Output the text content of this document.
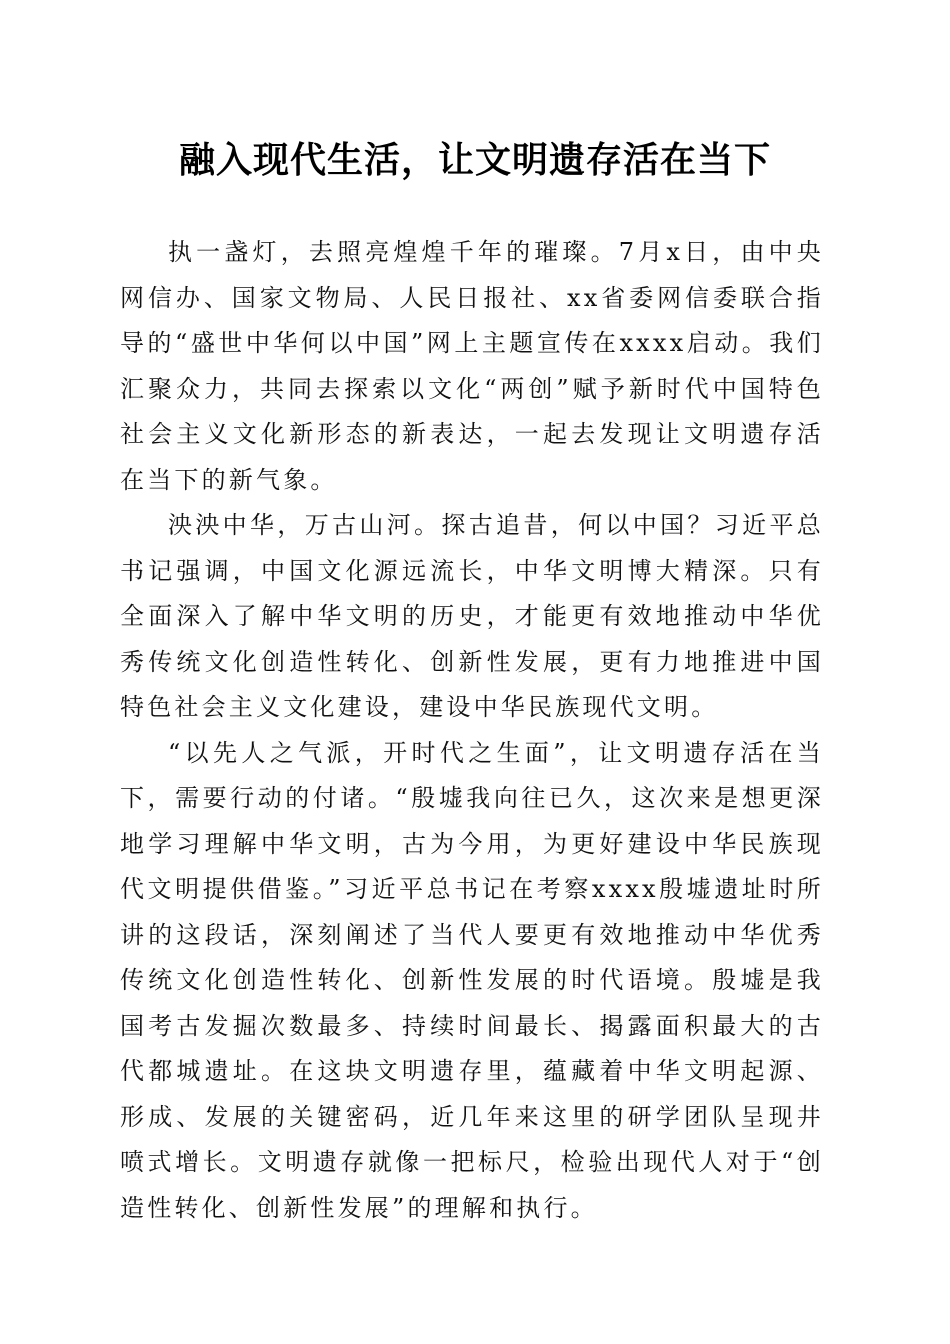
融入现代生活，让文明遗存活在当下

执一盏灯，去照亮煌煌千年的璀璨。7月x日，由中央网信办、国家文物局、人民日报社、xx省委网信委联合指导的“盛世中华何以中国”网上主题宣传在xxxx启动。我们汇聚众力，共同去探索以文化“两创”赋予新时代中国特色社会主义文化新形态的新表达，一起去发现让文明遗存活在当下的新气象。

泱泱中华，万古山河。探古追昔，何以中国？习近平总书记强调，中国文化源远流长，中华文明博大精深。只有全面深入了解中华文明的历史，才能更有效地推动中华优秀传统文化创造性转化、创新性发展，更有力地推进中国特色社会主义文化建设，建设中华民族现代文明。

“以先人之气派，开时代之生面”，让文明遗存活在当下，需要行动的付诸。“殷墟我向往已久，这次来是想更深地学习理解中华文明，古为今用，为更好建设中华民族现代文明提供借鉴。”习近平总书记在考察xxxx殷墟遗址时所讲的这段话，深刻阐述了当代人要更有效地推动中华优秀传统文化创造性转化、创新性发展的时代语境。殷墟是我国考古发掘次数最多、持续时间最长、揭露面积最大的古代都城遗址。在这块文明遗存里，蕴藏着中华文明起源、形成、发展的关键密码，近几年来这里的研学团队呈现井喷式增长。文明遗存就像一把标尺，检验出现代人对于“创造性转化、创新性发展”的理解和执行。
